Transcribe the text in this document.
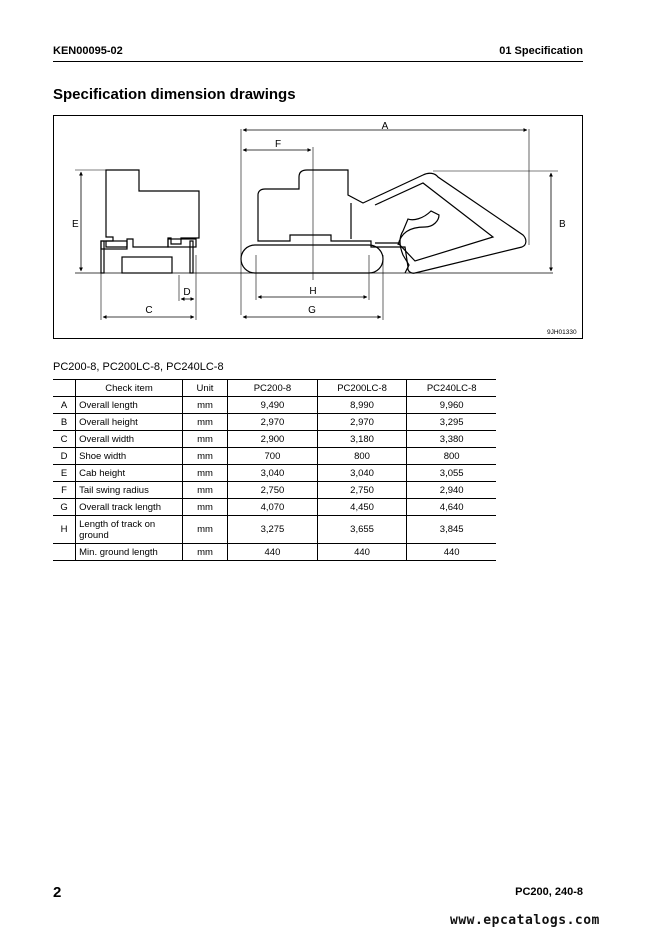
KEN00095-02	01 Specification
Specification dimension drawings
A
F
B
E
H
G
C
D
9JH01330
PC200-8, PC200LC-8, PC240LC-8
	Check item	Unit	PC200-8	PC200LC-8	PC240LC-8
A	Overall length	mm	9,490	8,990	9,960
B	Overall height	mm	2,970	2,970	3,295
C	Overall width	mm	2,900	3,180	3,380
D	Shoe width	mm	700	800	800
E	Cab height	mm	3,040	3,040	3,055
F	Tail swing radius	mm	2,750	2,750	2,940
G	Overall track length	mm	4,070	4,450	4,640
H	Length of track on ground	mm	3,275	3,655	3,845
	Min. ground length	mm	440	440	440
2	PC200, 240-8
www.epcatalogs.com
